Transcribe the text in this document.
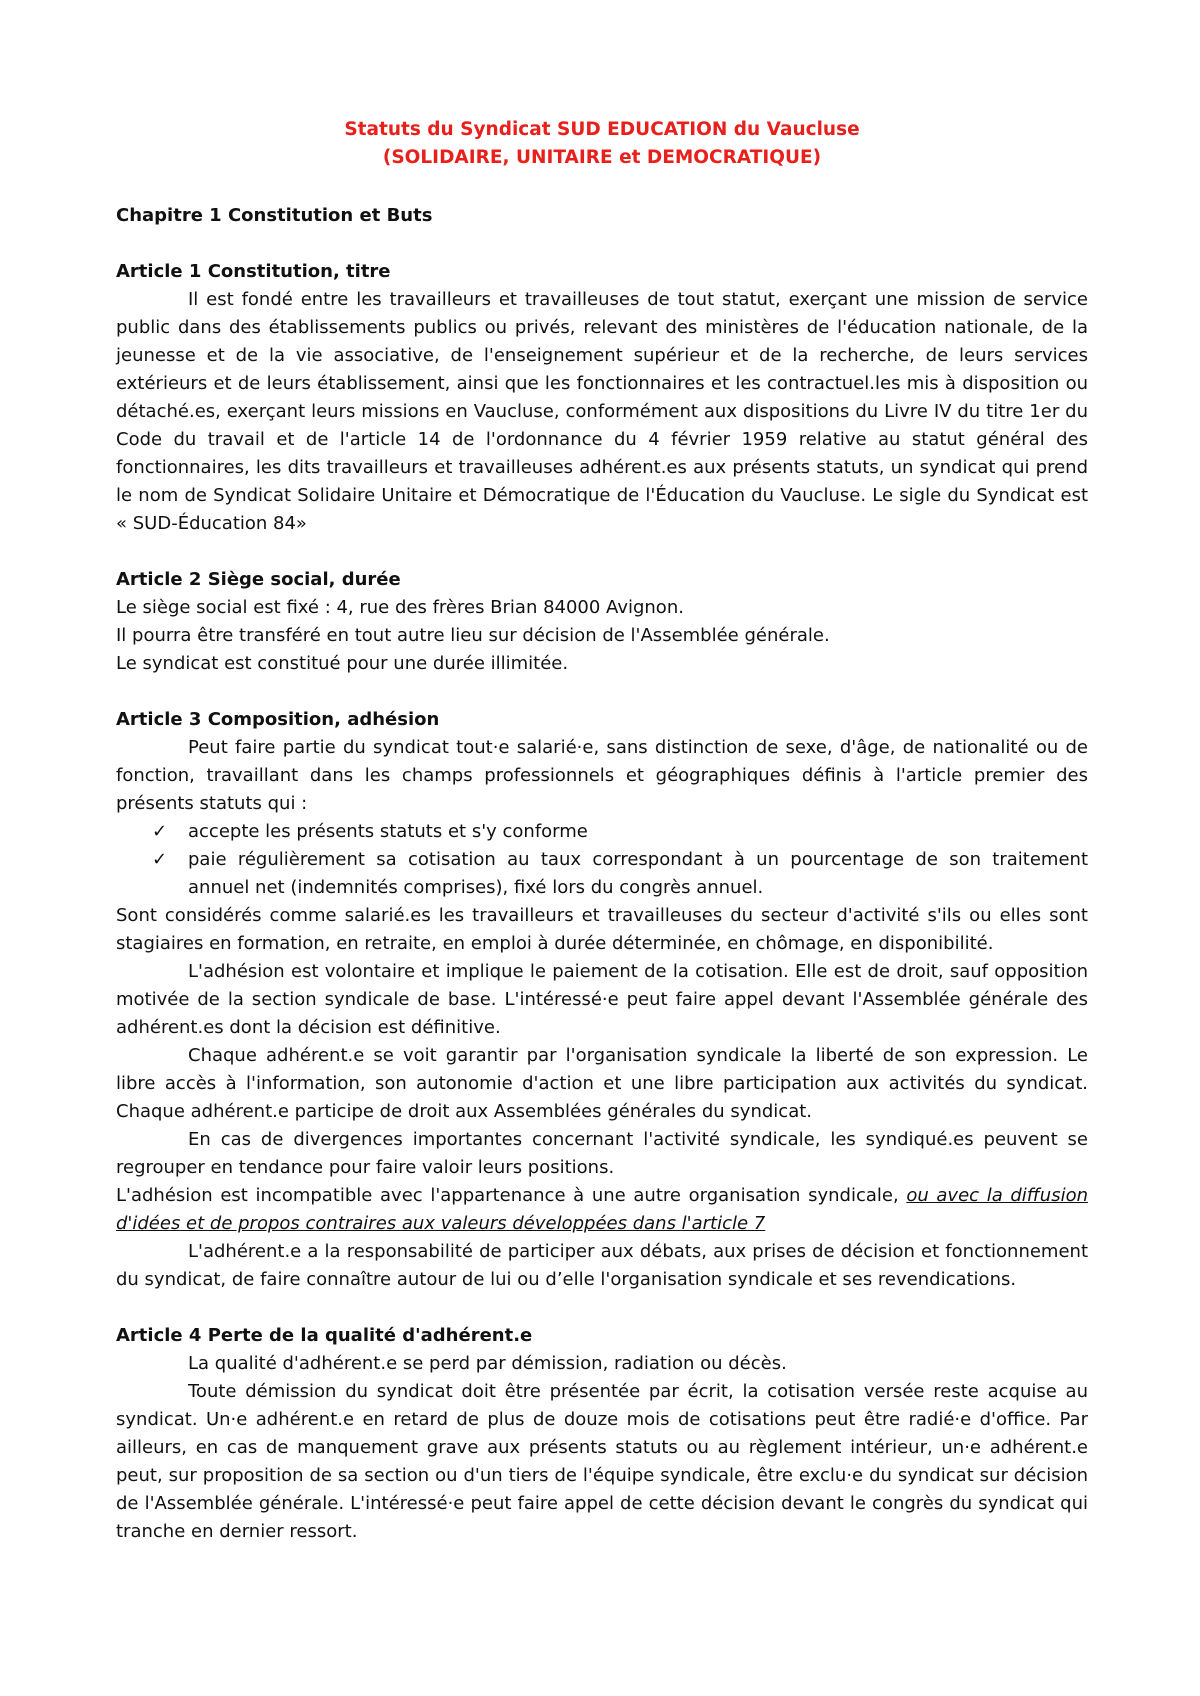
Statuts du Syndicat SUD EDUCATION du Vaucluse

(SOLIDAIRE, UNITAIRE et DEMOCRATIQUE)

Chapitre 1 Constitution et Buts
Article 1 Constitution, titre

Il est fondé entre les travailleurs et travailleuses de tout statut, exerçant une mission de service public dans des établissements publics ou privés, relevant des ministères de l'éducation nationale, de la jeunesse et de la vie associative, de l'enseignement supérieur et de la recherche, de leurs services extérieurs et de leurs établissement, ainsi que les fonctionnaires et les contractuel.les mis à disposition ou détaché.es, exerçant leurs missions en Vaucluse, conformément aux dispositions du Livre IV du titre 1er du Code du travail et de l'article 14 de l'ordonnance du 4 février 1959 relative au statut général des fonctionnaires, les dits travailleurs et travailleuses adhérent.es aux présents statuts, un syndicat qui prend le nom de Syndicat Solidaire Unitaire et Démocratique de l'Éducation du Vaucluse. Le sigle du Syndicat est « SUD-Éducation 84»

Article 2 Siège social, durée

Le siège social est fixé : 4, rue des frères Brian 84000 Avignon.

Il pourra être transféré en tout autre lieu sur décision de l'Assemblée générale.

Le syndicat est constitué pour une durée illimitée.

Article 3 Composition, adhésion

Peut faire partie du syndicat tout·e salarié·e, sans distinction de sexe, d'âge, de nationalité ou de fonction, travaillant dans les champs professionnels et géographiques définis à l'article premier des présents statuts qui :

✓ accepte les présents statuts et s'y conforme
✓ paie régulièrement sa cotisation au taux correspondant à un pourcentage de son traitement annuel net (indemnités comprises), fixé lors du congrès annuel.

Sont considérés comme salarié.es les travailleurs et travailleuses du secteur d'activité s'ils ou elles sont stagiaires en formation, en retraite, en emploi à durée déterminée, en chômage, en disponibilité.

L'adhésion est volontaire et implique le paiement de la cotisation. Elle est de droit, sauf opposition motivée de la section syndicale de base. L'intéressé·e peut faire appel devant l'Assemblée générale des adhérent.es dont la décision est définitive.

Chaque adhérent.e se voit garantir par l'organisation syndicale la liberté de son expression. Le libre accès à l'information, son autonomie d'action et une libre participation aux activités du syndicat. Chaque adhérent.e participe de droit aux Assemblées générales du syndicat.

En cas de divergences importantes concernant l'activité syndicale, les syndiqué.es peuvent se regrouper en tendance pour faire valoir leurs positions.

L'adhésion est incompatible avec l'appartenance à une autre organisation syndicale, ou avec la diffusion d'idées et de propos contraires aux valeurs développées dans l'article 7

L'adhérent.e a la responsabilité de participer aux débats, aux prises de décision et fonctionnement du syndicat, de faire connaître autour de lui ou d’elle l'organisation syndicale et ses revendications.

Article 4 Perte de la qualité d'adhérent.e

La qualité d'adhérent.e se perd par démission, radiation ou décès.

Toute démission du syndicat doit être présentée par écrit, la cotisation versée reste acquise au syndicat. Un·e adhérent.e en retard de plus de douze mois de cotisations peut être radié·e d'office. Par ailleurs, en cas de manquement grave aux présents statuts ou au règlement intérieur, un·e adhérent.e peut, sur proposition de sa section ou d'un tiers de l'équipe syndicale, être exclu·e du syndicat sur décision de l'Assemblée générale. L'intéressé·e peut faire appel de cette décision devant le congrès du syndicat qui tranche en dernier ressort.
